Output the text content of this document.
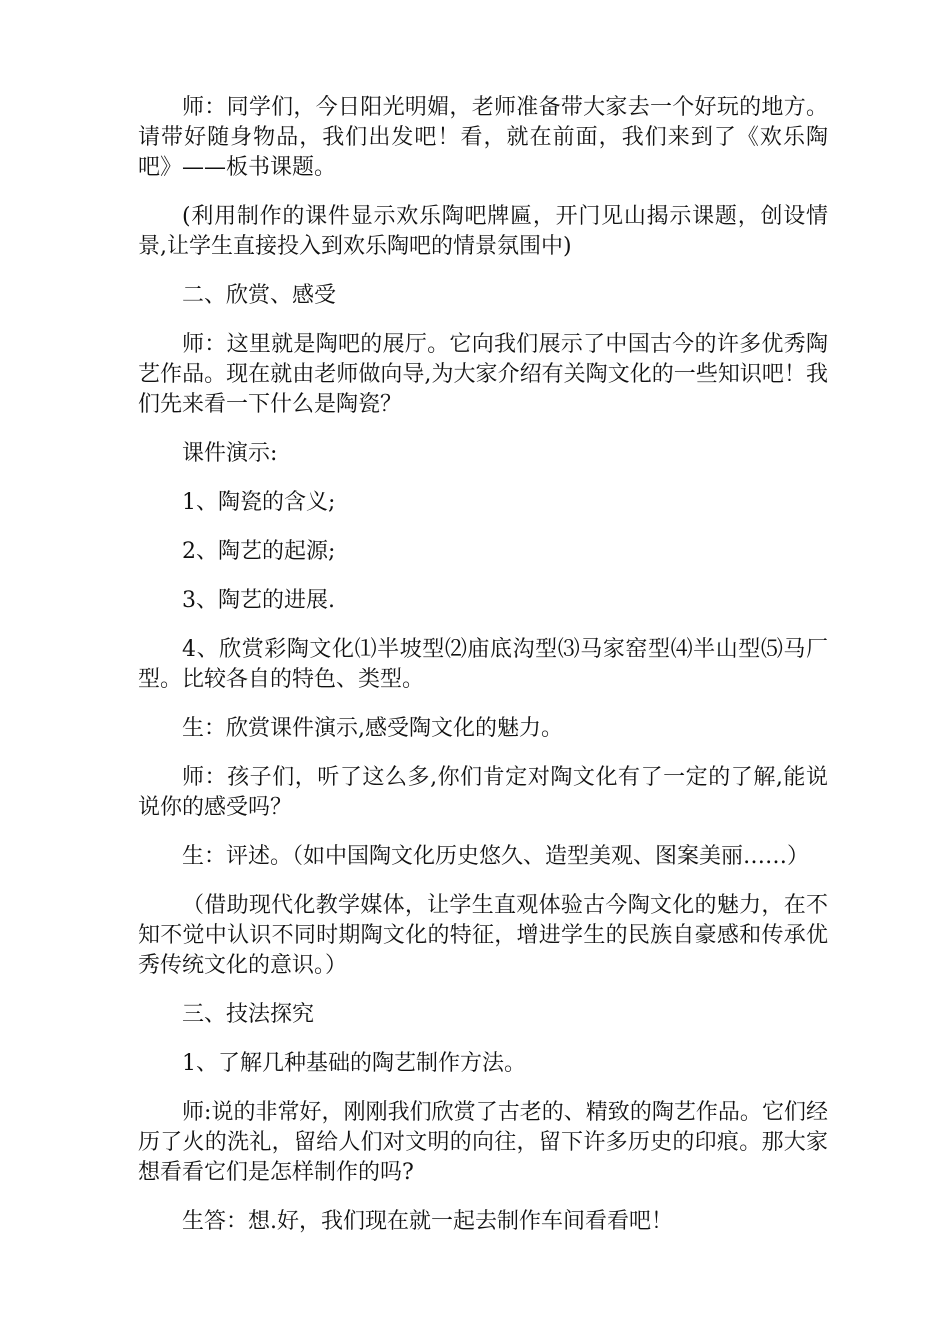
师：同学们，今日阳光明媚，老师准备带大家去一个好玩的地方。请带好随身物品，我们出发吧！看，就在前面，我们来到了《欢乐陶吧》——板书课题。

(利用制作的课件显示欢乐陶吧牌匾，开门见山揭示课题，创设情景,让学生直接投入到欢乐陶吧的情景氛围中)

二、欣赏、感受

师：这里就是陶吧的展厅。它向我们展示了中国古今的许多优秀陶艺作品。现在就由老师做向导,为大家介绍有关陶文化的一些知识吧！我们先来看一下什么是陶瓷？

课件演示:

1、陶瓷的含义;

2、陶艺的起源;

3、陶艺的进展.

4、欣赏彩陶文化⑴半坡型⑵庙底沟型⑶马家窑型⑷半山型⑸马厂型。比较各自的特色、类型。

生：欣赏课件演示,感受陶文化的魅力。

师：孩子们，听了这么多,你们肯定对陶文化有了一定的了解,能说说你的感受吗？

生：评述。（如中国陶文化历史悠久、造型美观、图案美丽……）

（借助现代化教学媒体，让学生直观体验古今陶文化的魅力，在不知不觉中认识不同时期陶文化的特征，增进学生的民族自豪感和传承优秀传统文化的意识。）

三、技法探究

1、了解几种基础的陶艺制作方法。

师:说的非常好，刚刚我们欣赏了古老的、精致的陶艺作品。它们经历了火的洗礼，留给人们对文明的向往，留下许多历史的印痕。那大家想看看它们是怎样制作的吗?

生答：想.好，我们现在就一起去制作车间看看吧！
